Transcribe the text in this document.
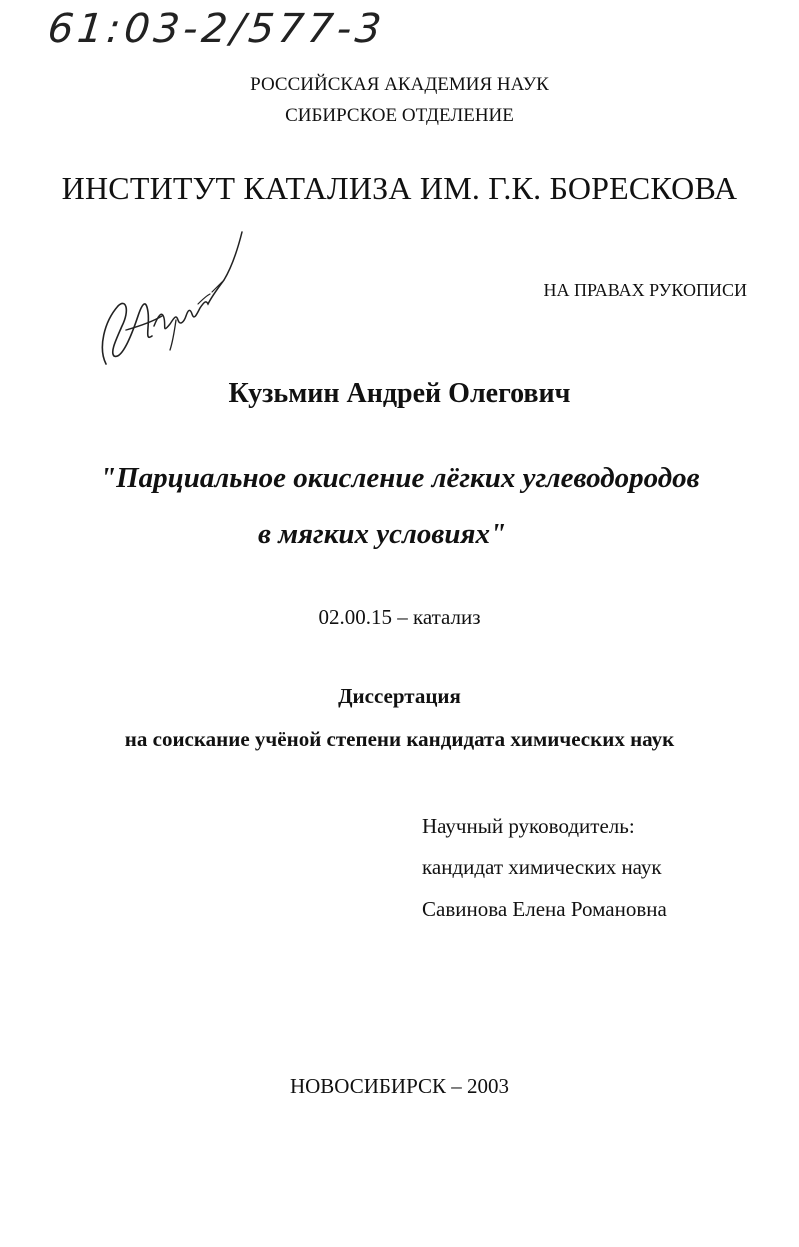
61:03-2/577-3
РОССИЙСКАЯ АКАДЕМИЯ НАУК
СИБИРСКОЕ ОТДЕЛЕНИЕ
ИНСТИТУТ КАТАЛИЗА ИМ. Г.К. БОРЕСКОВА
НА ПРАВАХ РУКОПИСИ
Кузьмин Андрей Олегович
"Парциальное окисление лёгких углеводородов
в мягких условиях"
02.00.15 – катализ
Диссертация
на соискание учёной степени кандидата химических наук
Научный руководитель:
кандидат химических наук
Савинова Елена Романовна
НОВОСИБИРСК – 2003
